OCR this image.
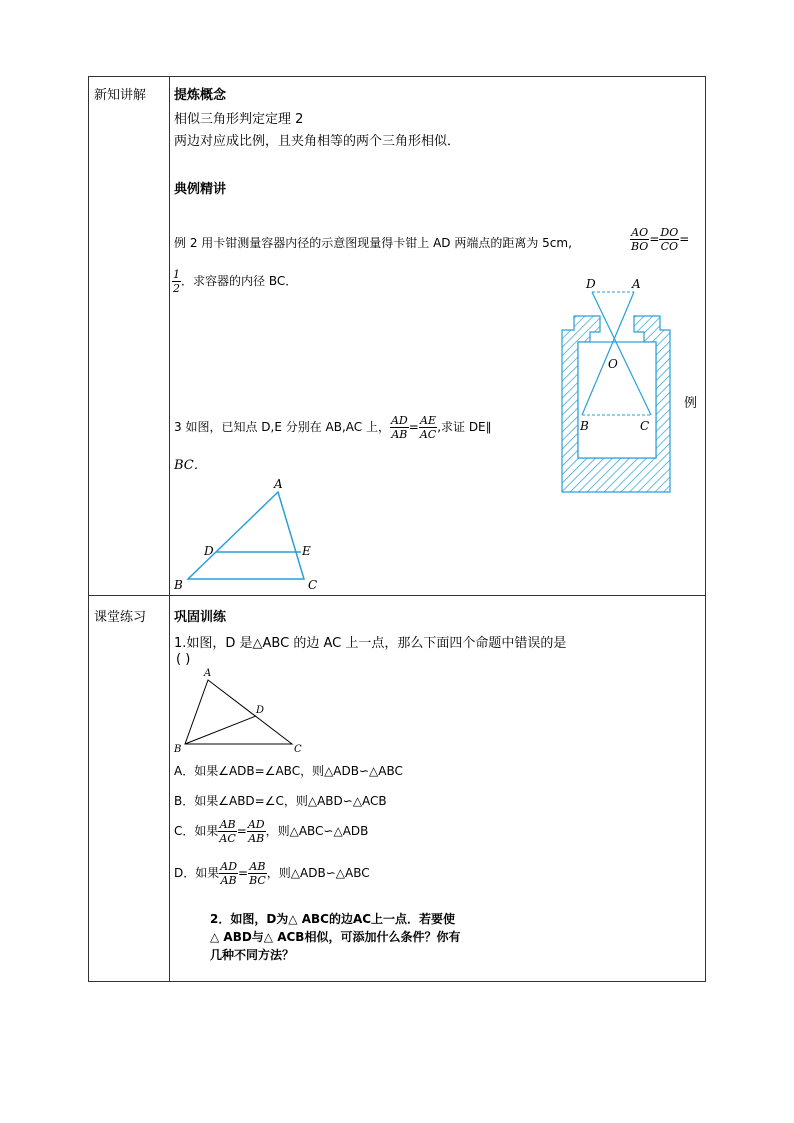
新知讲解 提炼概念
相似三角形判定定理 2
两边对应成比例，且夹角相等的两个三角形相似．
典例精讲
例 2 用卡钳测量容器内径的示意图现量得卡钳上 AD 两端点的距离为 5cm,	$\frac{AO}{BO} = \frac{DO}{CO}$ =
$\frac{1}{2}$ ．求容器的内径 BC．	D	A
O
B	C
例
3 如图，已知点 D,E 分别在 AB,AC 上， $\frac{AD}{AB} = \frac{AE}{AC}$ ,求证 DE∥
BC．
A
D	E
B	C
课堂练习 巩固训练
1.如图，D 是△ABC 的边 AC 上一点，那么下面四个命题中错误的是
( )
A
D
B	C
A．如果∠ADB=∠ABC，则△ADB∽△ABC
B．如果∠ABD=∠C，则△ABD∽△ACB
C．如果 $\frac{AB}{AC} = \frac{AD}{AB}$ ，则△ABC∽△ADB
D．如果 $\frac{AD}{AB} = \frac{AB}{BC}$ ，则△ADB∽△ABC
2．如图，D为△ ABC的边AC上一点．若要使
△ ABD与△ ACB相似，可添加什么条件？你有
几种不同方法？
